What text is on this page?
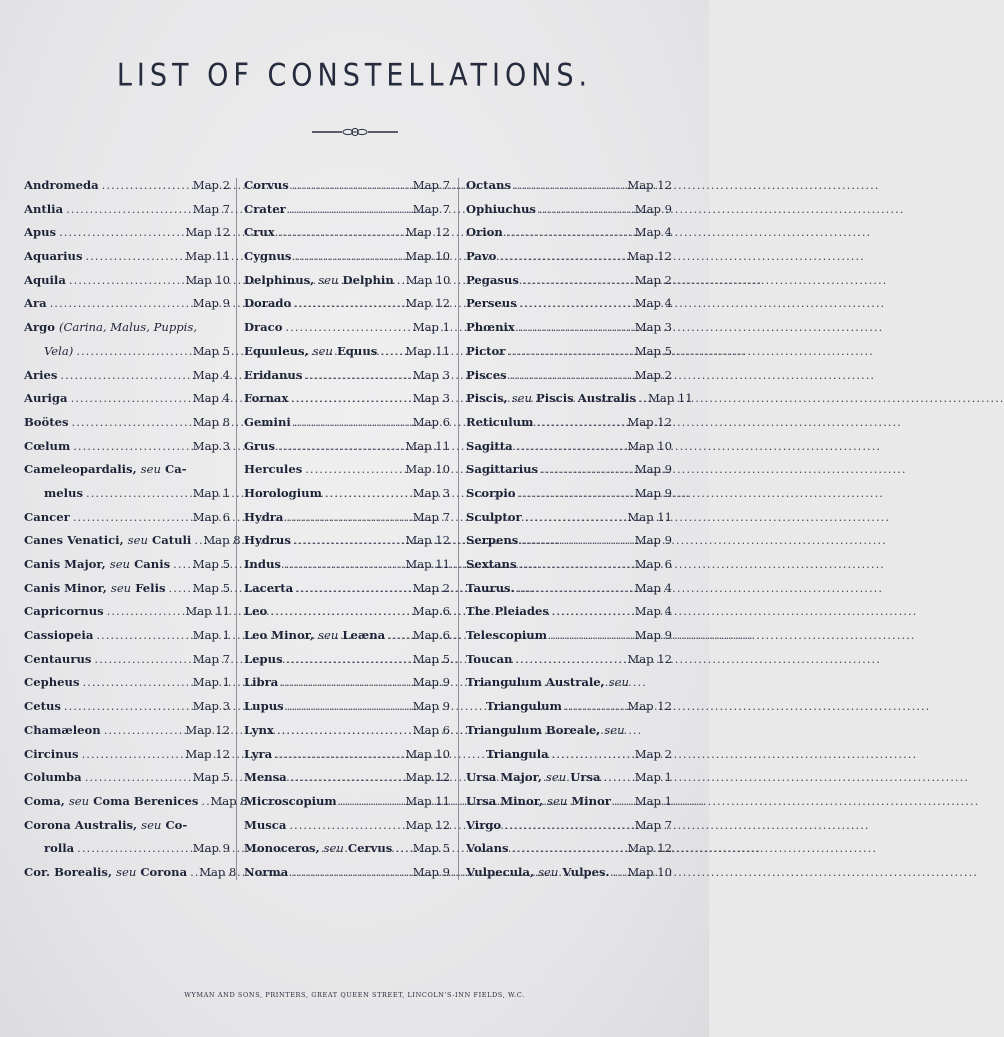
LIST OF CONSTELLATIONS.
Andromeda .....	Map 2
Antlia .....	Map 7
Apus .....	Map 12
Aquarius .....	Map 11
Aquila .....	Map 10
Ara .....	Map 9
Argo (Carina, Malus, Puppis,
Vela) .....	Map 5
Aries .....	Map 4
Auriga .....	Map 4
Boötes .....	Map 8
Cœlum .....	Map 3
Cameleopardalis, seu Ca-
melus .....	Map 1
Cancer .....	Map 6
Canes Venatici, seu Catuli ..... Map 8
Canis Major, seu Canis ..... Map 5
Canis Minor, seu Felis ..... Map 5
Capricornus .....	Map 11
Cassiopeia .....	Map 1
Centaurus .....	Map 7
Cepheus .....	Map 1
Cetus .....	Map 3
Chamæleon .....	Map 12
Circinus .....	Map 12
Columba .....	Map 5
Coma, seu Coma Berenices ..... Map 8
Corona Australis, seu Co-
rolla .....	Map 9
Cor. Borealis, seu Corona ..... Map 8
Corvus .....	Map 7
Crater .....	Map 7
Crux .....	Map 12
Cygnus .....	Map 10
Delphinus, seu Delphin ..... Map 10
Dorado .....	Map 12
Draco .....	Map 1
Equuleus, seu Equus ..... Map 11
Eridanus .....	Map 3
Fornax .....	Map 3
Gemini .....	Map 6
Grus .....	Map 11
Hercules .....	Map 10
Horologium .....	Map 3
Hydra .....	Map 7
Hydrus .....	Map 12
Indus .....	Map 11
Lacerta .....	Map 2
Leo .....	Map 6
Leo Minor, seu Leæna ..... Map 6
Lepus .....	Map 5
Libra .....	Map 9
Lupus .....	Map 9
Lynx .....	Map 6
Lyra .....	Map 10
Mensa .....	Map 12
Microscopium .....	Map 11
Musca .....	Map 12
Monoceros, seu Cervus ..... Map 5
Norma .....	Map 9
Octans .....	Map 12
Ophiuchus .....	Map 9
Orion .....	Map 4
Pavo .....	Map 12
Pegasus .....	Map 2
Perseus .....	Map 4
Phœnix .....	Map 3
Pictor .....	Map 5
Pisces .....	Map 2
Piscis, seu Piscis Australis ..... Map 11
Reticulum .....	Map 12
Sagitta .....	Map 10
Sagittarius .....	Map 9
Scorpio .....	Map 9
Sculptor .....	Map 11
Serpens .....	Map 9
Sextans .....	Map 6
Taurus. .....	Map 4
The Pleiades .....	Map 4
Telescopium .....	Map 9
Toucan .....	Map 12
Triangulum Australe, seu
Triangulum .....	Map 12
Triangulum Boreale, seu
Triangula .....	Map 2
Ursa Major, seu Ursa .....	Map 1
Ursa Minor, seu Minor ..... Map 1
Virgo .....	Map 7
Volans .....	Map 12
Vulpecula, seu Vulpes. ..... Map 10
WYMAN AND SONS, PRINTERS, GREAT QUEEN STREET, LINCOLN'S-INN FIELDS, W.C.
